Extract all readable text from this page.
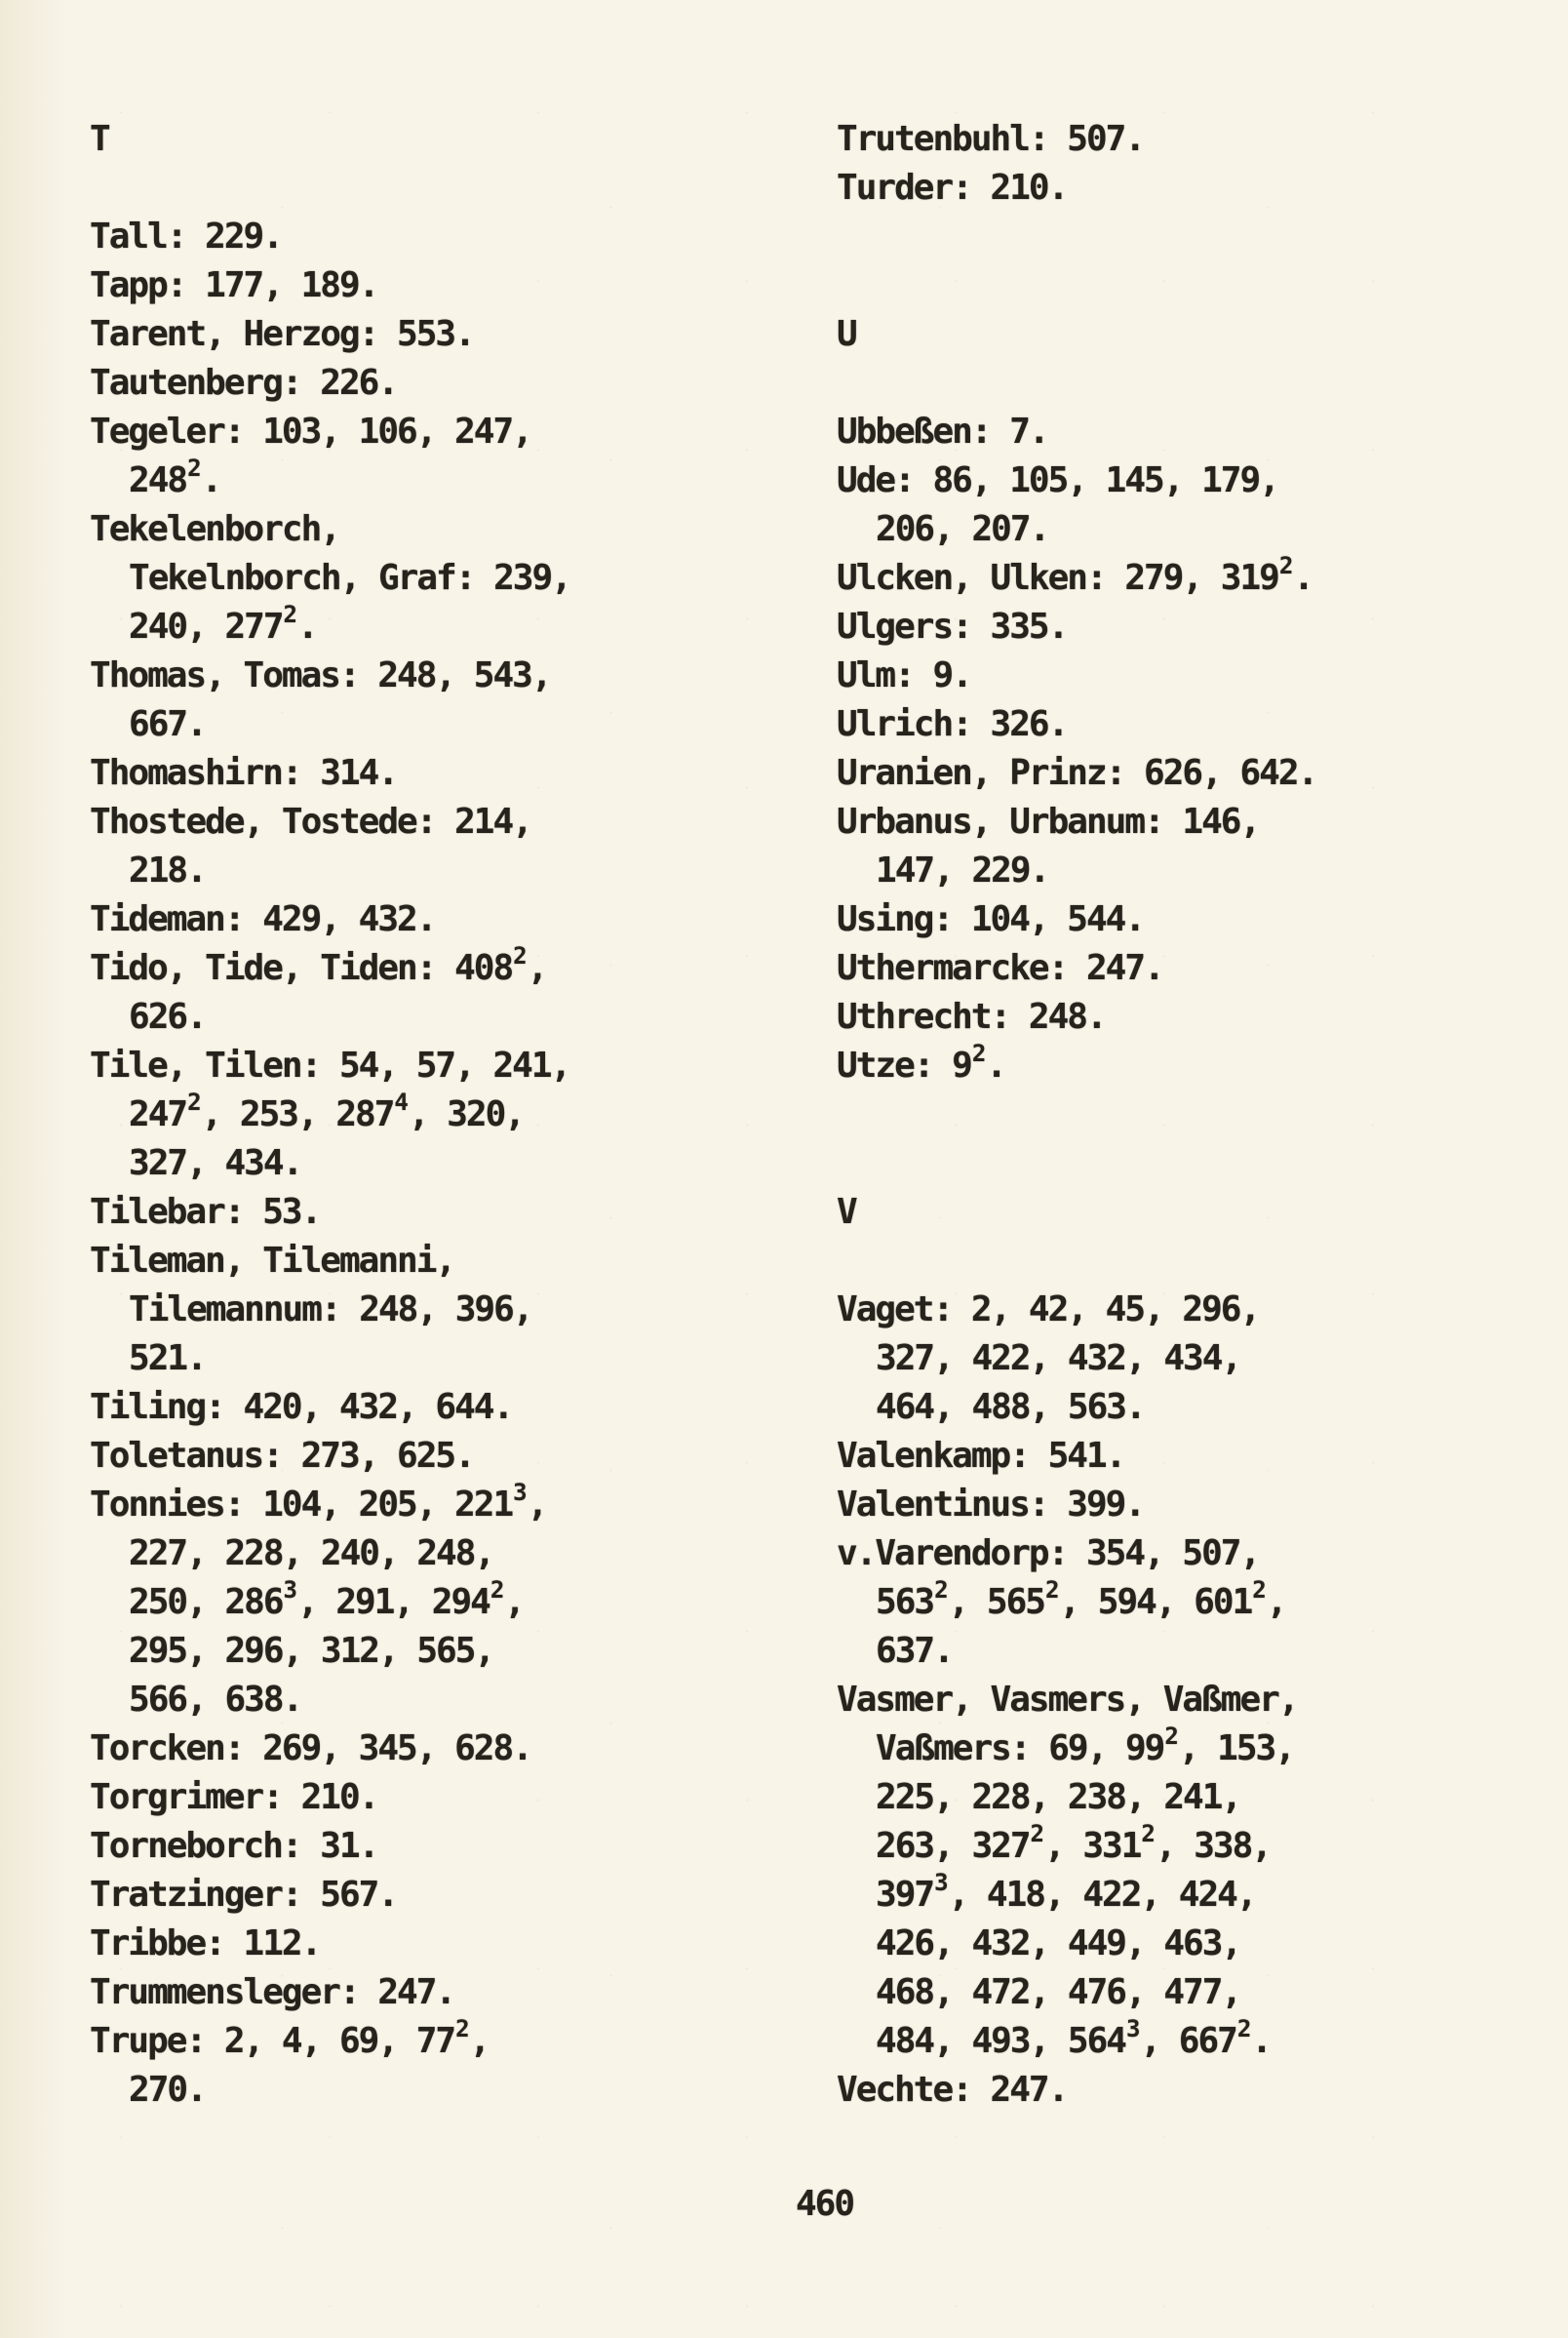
T
Tall: 229.
Tapp: 177, 189.
Tarent, Herzog: 553.
Tautenberg: 226.
Tegeler: 103, 106, 247,
$248^2$.
Tekelenborch,
Tekelnborch, Graf: 239,
240, $277^2$.
Thomas, Tomas: 248, 543,
667.
Thomashirn: 314.
Thostede, Tostede: 214,
218.
Tideman: 429, 432.
Tido, Tide, Tiden: $408^2$,
626.
Tile, Tilen: 54, 57, 241,
$247^2$, 253, $287^4$, 320,
327, 434.
Tilebar: 53.
Tileman, Tilemanni,
Tilemannum: 248, 396,
521.
Tiling: 420, 432, 644.
Toletanus: 273, 625.
Tonnies: 104, 205, $221^3$,
227, 228, 240, 248,
250, $286^3$, 291, $294^2$,
295, 296, 312, 565,
566, 638.
Torcken: 269, 345, 628.
Torgrimer: 210.
Torneborch: 31.
Tratzinger: 567.
Tribbe: 112.
Trummensleger: 247.
Trupe: 2, 4, 69, $77^2$,
270.
Trutenbuhl: 507.
Turder: 210.
U
Ubbeßen: 7.
Ude: 86, 105, 145, 179,
206, 207.
Ulcken, Ulken: 279, $319^2$.
Ulgers: 335.
Ulm: 9.
Ulrich: 326.
Uranien, Prinz: 626, 642.
Urbanus, Urbanum: 146,
147, 229.
Using: 104, 544.
Uthermarcke: 247.
Uthrecht: 248.
Utze: $9^2$.
V
Vaget: 2, 42, 45, 296,
327, 422, 432, 434,
464, 488, 563.
Valenkamp: 541.
Valentinus: 399.
v.Varendorp: 354, 507,
$563^2$, $565^2$, 594, $601^2$,
637.
Vasmer, Vasmers, Vaßmer,
Vaßmers: 69, $99^2$, 153,
225, 228, 238, 241,
263, $327^2$, $331^2$, 338,
$397^3$, 418, 422, 424,
426, 432, 449, 463,
468, 472, 476, 477,
484, 493, $564^3$, $667^2$.
Vechte: 247.
460
